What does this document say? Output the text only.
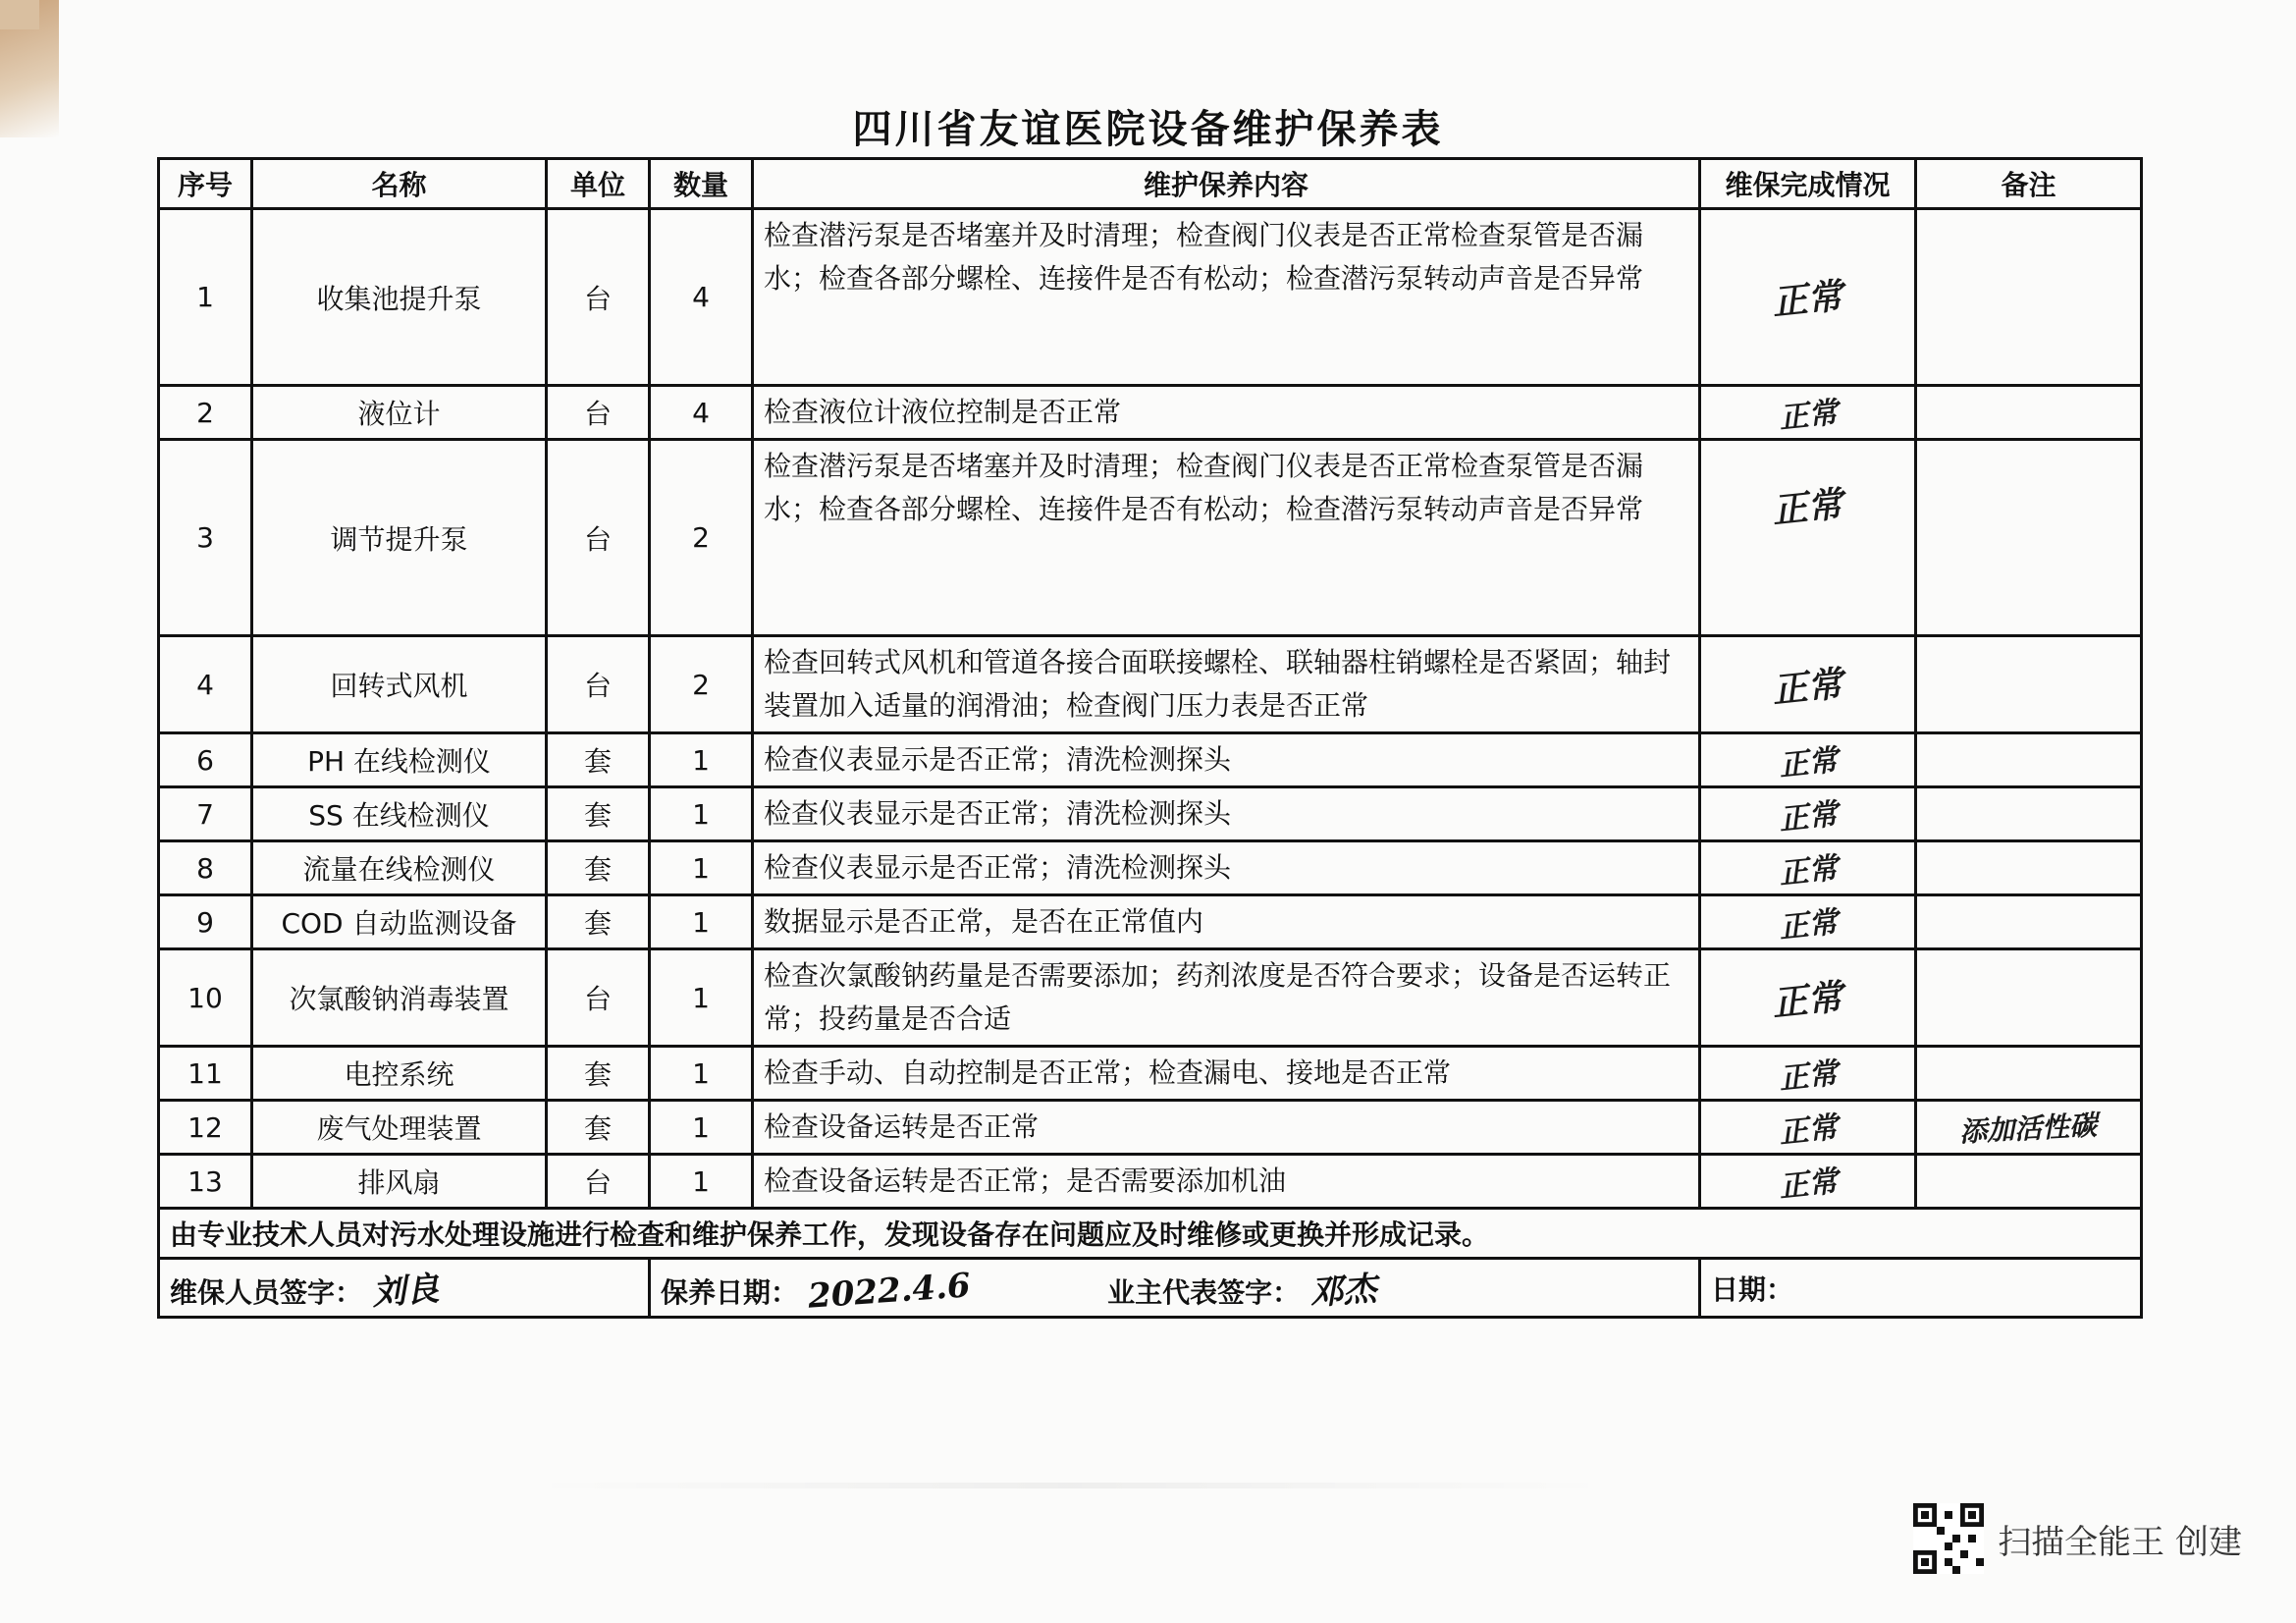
四川省友谊医院设备维护保养表
序号	名称	单位	数量	维护保养内容	维保完成情况	备注
1	收集池提升泵	台	4	检查潜污泵是否堵塞并及时清理；检查阀门仪表是否正常检查泵管是否漏水；检查各部分螺栓、连接件是否有松动；检查潜污泵转动声音是否异常	正常	
2	液位计	台	4	检查液位计液位控制是否正常	正常	
3	调节提升泵	台	2	检查潜污泵是否堵塞并及时清理；检查阀门仪表是否正常检查泵管是否漏水；检查各部分螺栓、连接件是否有松动；检查潜污泵转动声音是否异常	正常	
4	回转式风机	台	2	检查回转式风机和管道各接合面联接螺栓、联轴器柱销螺栓是否紧固；轴封装置加入适量的润滑油；检查阀门压力表是否正常	正常	
6	PH 在线检测仪	套	1	检查仪表显示是否正常；清洗检测探头	正常	
7	SS 在线检测仪	套	1	检查仪表显示是否正常；清洗检测探头	正常	
8	流量在线检测仪	套	1	检查仪表显示是否正常；清洗检测探头	正常	
9	COD 自动监测设备	套	1	数据显示是否正常，是否在正常值内	正常	
10	次氯酸钠消毒装置	台	1	检查次氯酸钠药量是否需要添加；药剂浓度是否符合要求；设备是否运转正常；投药量是否合适	正常	
11	电控系统	套	1	检查手动、自动控制是否正常；检查漏电、接地是否正常	正常	
12	废气处理装置	套	1	检查设备运转是否正常	正常	添加活性碳
13	排风扇	台	1	检查设备运转是否正常；是否需要添加机油	正常	
由专业技术人员对污水处理设施进行检查和维护保养工作，发现设备存在问题应及时维修或更换并形成记录。						
维保人员签字： 刘良			保养日期： 2022.4.6 业主代表签字： 邓杰		日期：	
扫描全能王 创建
